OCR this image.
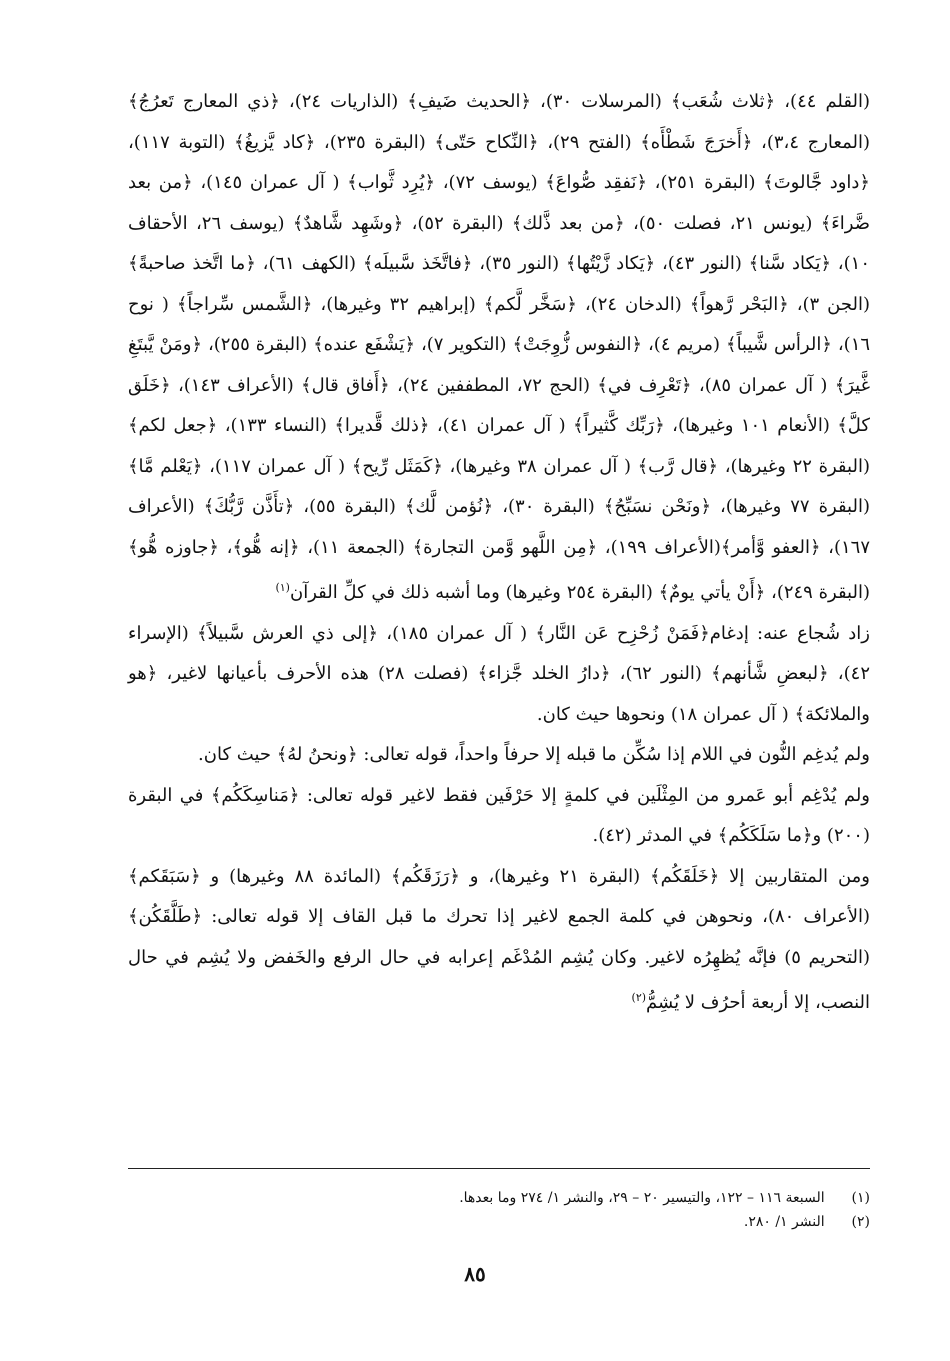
(القلم ٤٤)، ﴿ثلاث شُعَب﴾ (المرسلات ٣٠)، ﴿الحديث ضَيفِ﴾ (الذاريات ٢٤)، ﴿ذي المعارج تَعرُجُ﴾ (المعارج ٣،٤)، ﴿أَخرَجَ شَطْأَه﴾ (الفتح ٢٩)، ﴿النِّكاح حَتّى﴾ (البقرة ٢٣٥)، ﴿كاد يَّزيغُ﴾ (التوبة ١١٧)، ﴿داود جَّالوتَ﴾ (البقرة ٢٥١)، ﴿نَفقِد صُّواعَ﴾ (يوسف ٧٢)، ﴿يُرِد ثَّواب﴾ ( آل عمران ١٤٥)، ﴿من بعد ضَّراءَ﴾ (يونس ٢١، فصلت ٥٠)، ﴿من بعد ذَّلك﴾ (البقرة ٥٢)، ﴿وشَهِد شَّاهدٌ﴾ (يوسف ٢٦، الأحقاف ١٠)، ﴿يَكاد سَّنا﴾ (النور ٤٣)، ﴿يَكاد زَّيْتُها﴾ (النور ٣٥)، ﴿فاتَّخَذ سَّبيلَه﴾ (الكهف ٦١)، ﴿ما اتَّخذ صاحبةً﴾ (الجن ٣)، ﴿البَحْر رَّهواً﴾ (الدخان ٢٤)، ﴿سَخَّر لَّكم﴾ (إبراهيم ٣٢ وغيرها)، ﴿الشَّمس سِّراجاً﴾ ( نوح ١٦)، ﴿الرأس شَّيباً﴾ (مريم ٤)، ﴿النفوس زُّوِجَتْ﴾ (التكوير ٧)، ﴿يَشْفَع عنده﴾ (البقرة ٢٥٥)، ﴿ومَنْ يَّبتَغِ غَّيرَ﴾ ( آل عمران ٨٥)، ﴿تَعْرِف في﴾ (الحج ٧٢، المطففين ٢٤)، ﴿أَفاق قال﴾ (الأعراف ١٤٣)، ﴿خَلَق كلَّ﴾ (الأنعام ١٠١ وغيرها)، ﴿رَبِّك كَّثيراً﴾ ( آل عمران ٤١)، ﴿ذلك قَّديرا﴾ (النساء ١٣٣)، ﴿جعل لكم﴾ (البقرة ٢٢ وغيرها)، ﴿قال رَّب﴾ ( آل عمران ٣٨ وغيرها)، ﴿كَمَثَل رِّيح﴾ ( آل عمران ١١٧)، ﴿يَعْلم مَّا﴾ (البقرة ٧٧ وغيرها)، ﴿ونَحْن نسَبِّحُ﴾ (البقرة ٣٠)، ﴿نُؤمن لَّك﴾ (البقرة ٥٥)، ﴿تأَذَّن رَّبُّكَ﴾ (الأعراف ١٦٧)، ﴿العفو وَّأمر﴾(الأعراف ١٩٩)، ﴿مِن اللَّهو وَّمن التجارة﴾ (الجمعة ١١)، ﴿إنه هُّو﴾، ﴿جاوزه هُّو﴾ (البقرة ٢٤٩)، ﴿أَنْ يأتي يومٌ﴾ (البقرة ٢٥٤ وغيرها) وما أشبه ذلك في كلِّ القرآن$^{(١)}$

زاد شُجاع عنه: إدغام﴿فَمَنْ زُحْزِح عَن النَّار﴾ ( آل عمران ١٨٥)، ﴿إلى ذي العرش سَّبيلاً﴾ (الإسراء ٤٢)، ﴿لبعضِ شَّأنهم﴾ (النور ٦٢)، ﴿دارُ الخلد جَّزاء﴾ (فصلت ٢٨) هذه الأحرف بأعيانها لاغير، ﴿هو والملائكة﴾ ( آل عمران ١٨) ونحوها حيث كان.

ولم يُدغِم النُّون في اللام إذا سُكِّن ما قبله إلا حرفاً واحداً، قوله تعالى: ﴿ونحنُ لهُ﴾ حيث كان.

ولم يُدْغِم أبو عَمرو من المِثْلَين في كلمةٍ إلا حَرْفَين فقط لاغير قوله تعالى: ﴿مَناسِكَكُم﴾ في البقرة (٢٠٠) و﴿ما سَلَكَكُم﴾ في المدثر (٤٢).

ومن المتقاربين إلا ﴿خَلَقَكُم﴾ (البقرة ٢١ وغيرها)، و ﴿رَزَقَكُم﴾ (المائدة ٨٨ وغيرها) و ﴿سَبَقَكم﴾ (الأعراف ٨٠)، ونحوهن في كلمة الجمع لاغير إذا تحرك ما قبل القاف إلا قوله تعالى: ﴿طَلَّقَكُن﴾ (التحريم ٥) فإنَّه يُظهِرُه لاغير. وكان يُشِم المُدْغَم إعرابه في حال الرفع والخَفض ولا يُشِم في حال النصب، إلا أربعة أحرُف لا يُشِمُّ$^{(٢)}$

(١)  السبعة ١١٦ – ١٢٢، والتيسير ٢٠ – ٢٩، والنشر ١/ ٢٧٤ وما بعدها.
(٢)  النشر ١/ ٢٨٠.
٨٥
